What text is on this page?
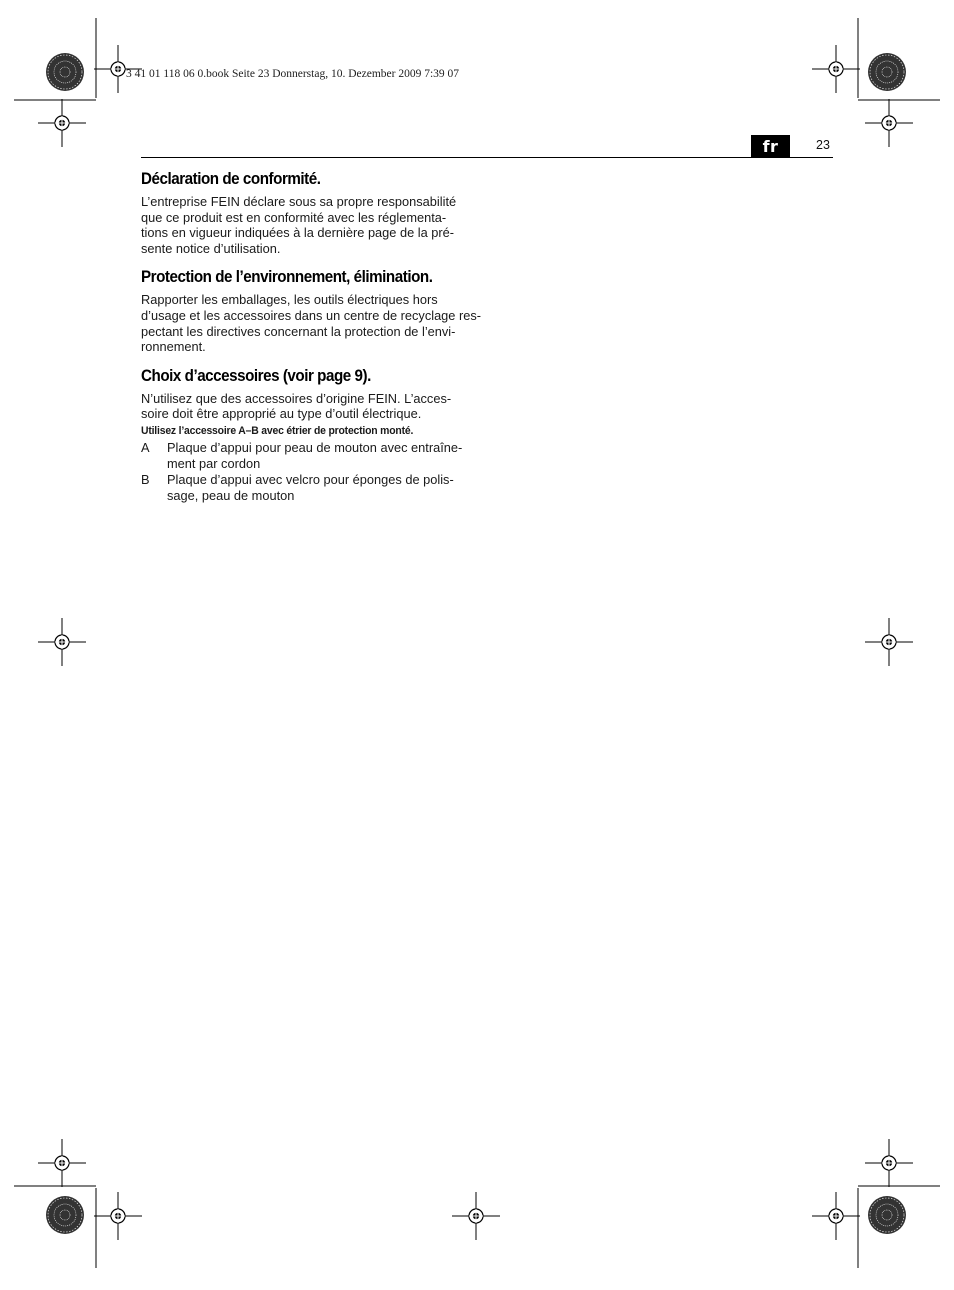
3 41 01 118 06 0.book Seite 23 Donnerstag, 10. Dezember 2009 7:39 07
fr	23
Déclaration de conformité.

L’entreprise FEIN déclare sous sa propre responsabilité
que ce produit est en conformité avec les réglementa-
tions en vigueur indiquées à la dernière page de la pré-
sente notice d’utilisation.

Protection de l’environnement, élimination.

Rapporter les emballages, les outils électriques hors
d’usage et les accessoires dans un centre de recyclage res-
pectant les directives concernant la protection de l’envi-
ronnement.

Choix d’accessoires (voir page 9).

N’utilisez que des accessoires d’origine FEIN. L’acces-
soire doit être approprié au type d’outil électrique.

Utilisez l’accessoire A–B avec étrier de protection monté.
A	Plaque d’appui pour peau de mouton avec entraîne-
ment par cordon
B	Plaque d’appui avec velcro pour éponges de polis-
sage, peau de mouton
